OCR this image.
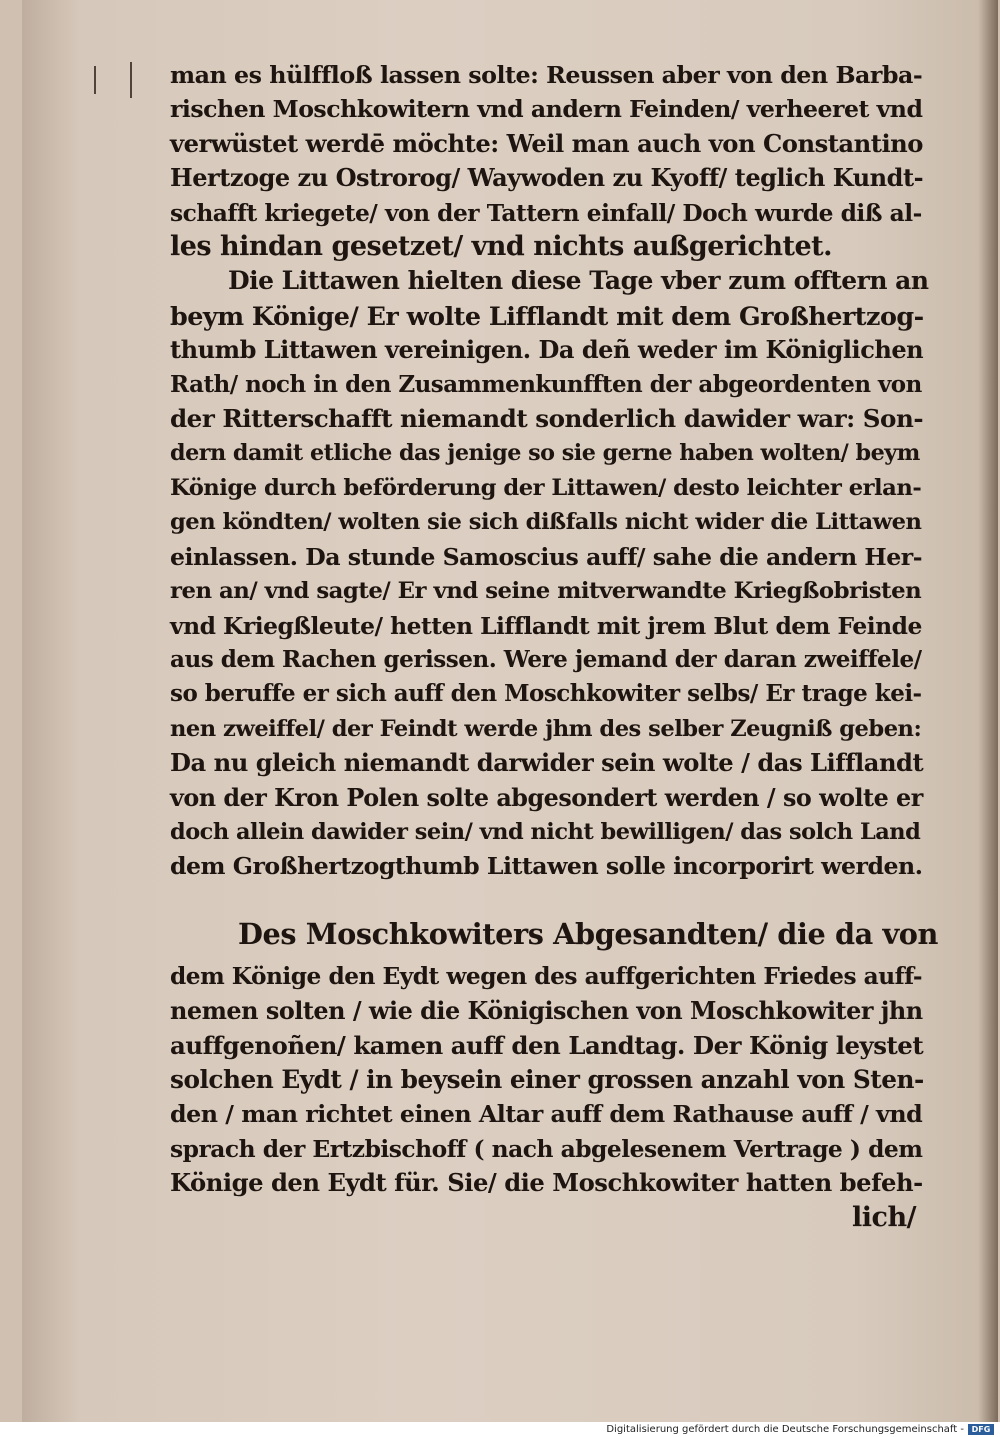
man es hülffloß lassen solte: Reussen aber von den Barba-
rischen Moschkowitern vnd andern Feinden/ verheeret vnd
verwüstet werdē möchte: Weil man auch von Constantino
Hertzoge zu Ostrorog/ Waywoden zu Kyoff/ teglich Kundt-
schafft kriegete/ von der Tattern einfall/ Doch wurde diß al-
les hindan gesetzet/ vnd nichts außgerichtet.
Die Littawen hielten diese Tage vber zum offtern an
beym Könige/ Er wolte Lifflandt mit dem Großhertzog-
thumb Littawen vereinigen. Da deñ weder im Königlichen
Rath/ noch in den Zusammenkunfften der abgeordenten von
der Ritterschafft niemandt sonderlich dawider war: Son-
dern damit etliche das jenige so sie gerne haben wolten/ beym
Könige durch beförderung der Littawen/ desto leichter erlan-
gen köndten/ wolten sie sich dißfalls nicht wider die Littawen
einlassen. Da stunde Samoscius auff/ sahe die andern Her-
ren an/ vnd sagte/ Er vnd seine mitverwandte Kriegßobristen
vnd Kriegßleute/ hetten Lifflandt mit jrem Blut dem Feinde
aus dem Rachen gerissen. Were jemand der daran zweiffele/
so beruffe er sich auff den Moschkowiter selbs/ Er trage kei-
nen zweiffel/ der Feindt werde jhm des selber Zeugniß geben:
Da nu gleich niemandt darwider sein wolte / das Lifflandt
von der Kron Polen solte abgesondert werden / so wolte er
doch allein dawider sein/ vnd nicht bewilligen/ das solch Land
dem Großhertzogthumb Littawen solle incorporirt werden.
Des Moschkowiters Abgesandten/ die da von
dem Könige den Eydt wegen des auffgerichten Friedes auff-
nemen solten / wie die Königischen von Moschkowiter jhn
auffgenoñen/ kamen auff den Landtag. Der König leystet
solchen Eydt / in beysein einer grossen anzahl von Sten-
den / man richtet einen Altar auff dem Rathause auff / vnd
sprach der Ertzbischoff ( nach abgelesenem Vertrage ) dem
Könige den Eydt für. Sie/ die Moschkowiter hatten befeh-
lich/
Digitalisierung gefördert durch die Deutsche Forschungsgemeinschaft - DFG
